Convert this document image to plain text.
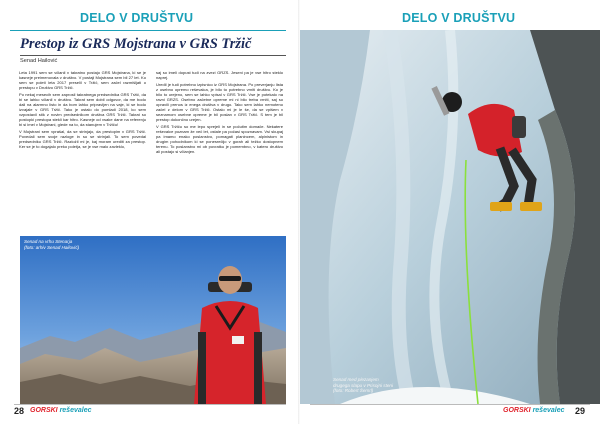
DELO V DRUŠTVU
Prestop iz GRS Mojstrana v GRS Tržič
Senad Hailović

Leta 1991 sem se včlanil v takratno postajo GRS Mojstrana, ki se je kasneje preimenovala v društvo. V postaji Mojstrana sem bil 27 let. Ko sem se poleti leta 2017 preselil v Tržič, sem začel razmišljati o prestopu v Društvo GRS Tržič.

Po nekaj mesecih sem zaprosil takratnega predsednika GRS Tržič, da bi se lahko včlanil v društvo. Takrat sem dobil odgovor, da me bodo dali na alarmno listo in da bom lahko pripravljen na vaje, ki se bodo izvajale v GRS Tržič. Tako je ostalo do pomladi 2018, ko sem vzpostavil stik z novim predsednikom društva GRS Tržič. Takrat so postopki prestopa stekli kar hitro. Kasneje od vsake dane na referenju bi si imel v Mojstrani, glede na to, da stanujem v Tržiču!

V Mojstrani sem vprašal, da se strinjajo, da prestopim v GRS Tržič. Povedali sem svoje razloge in so se strinjali. To sem povedal predsedniku GRS Tržič. Razložil mi je, kaj moram urediti za prestop. Ker se je to dogajalo preko poletja, se je vse malo zavleklo,

saj so imeli dopust tudi na zvezi GRZS. Jeseni pa je vse hitro steklo naprej.

Uredil je tudi potrebno izpisnico iz GRS Mojstrana. Po preverjanju lista z osebno opremo reševalca, je bilo to potrebno vrniti društvu. Ko je bilo to urejeno, sem se lahko vpisal v GRS Tržič. Vse je potekalo na ravni GRZS. Osebno začetne opreme mi ni bilo treba vrniti, saj so opravili prenos iz enega društva v drugo. Tako sem lahko nemoteno začel z delom v GRS Tržič. Ostalo mi je le še, da se vpišem v seznamom osebne opreme je bil poslan v GRS Tržič. S tem je bil prestop dokončno urejen.

V GRS Tržiču so me lepo sprejeli in se počutim domače. Nekatere reševalce poznam že več let, ostale pa počasi spoznavam. Vsi skupaj pa imamo enako poslanstvo, pomagati planincem, alpinistom in drugim pohodnikom ki se ponesrečijo v gorah ali težko dostopnem terenu. To poslanstvo mi ob povratku je pomembno, v katero društvo ali postajo si včlanjen.

Senad na vrhu Stenarja
(foto: arhiv Senad Hailović)
28 GORSKI reševalec
DELO V DRUŠTVU
Senad med plezanjem
drugega slapu v Prisojni steni
(foto: Robert Šemrl)
GORSKI reševalec 29
